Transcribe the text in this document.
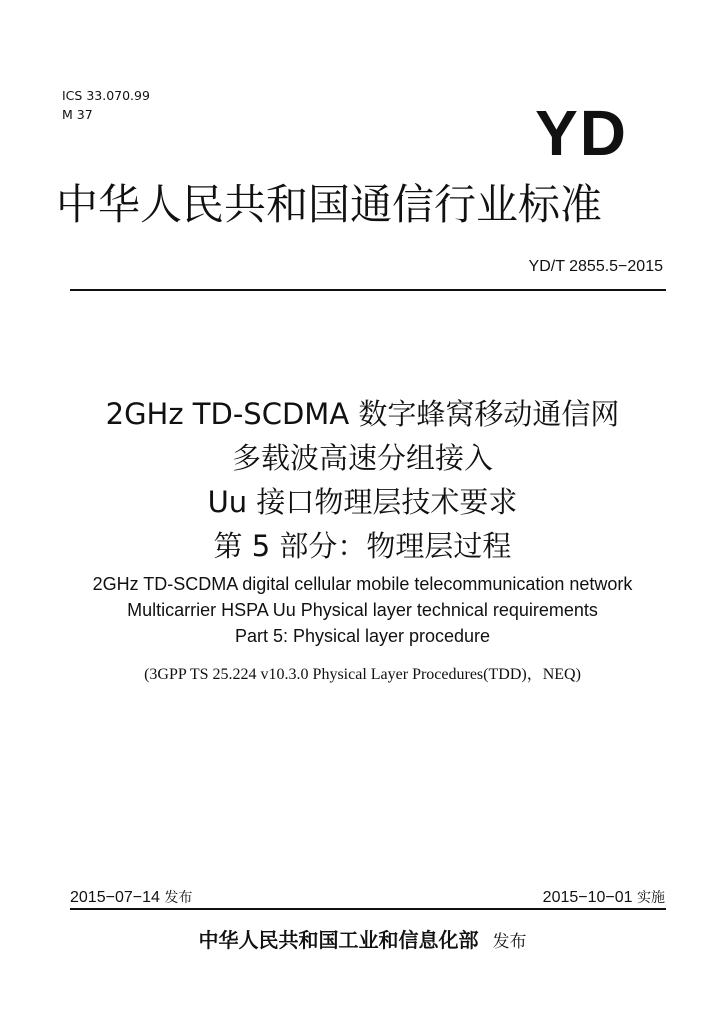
ICS 33.070.99
M 37	YD
中华人民共和国通信行业标准
YD/T 2855.5−2015
2GHz TD-SCDMA 数字蜂窝移动通信网
多载波高速分组接入
Uu 接口物理层技术要求
第 5 部分：物理层过程
2GHz TD-SCDMA digital cellular mobile telecommunication network
Multicarrier HSPA Uu Physical layer technical requirements
Part 5: Physical layer procedure
(3GPP TS 25.224 v10.3.0 Physical Layer Procedures(TDD)，NEQ)
2015−07−14 发布	2015−10−01 实施
中华人民共和国工业和信息化部 发布
